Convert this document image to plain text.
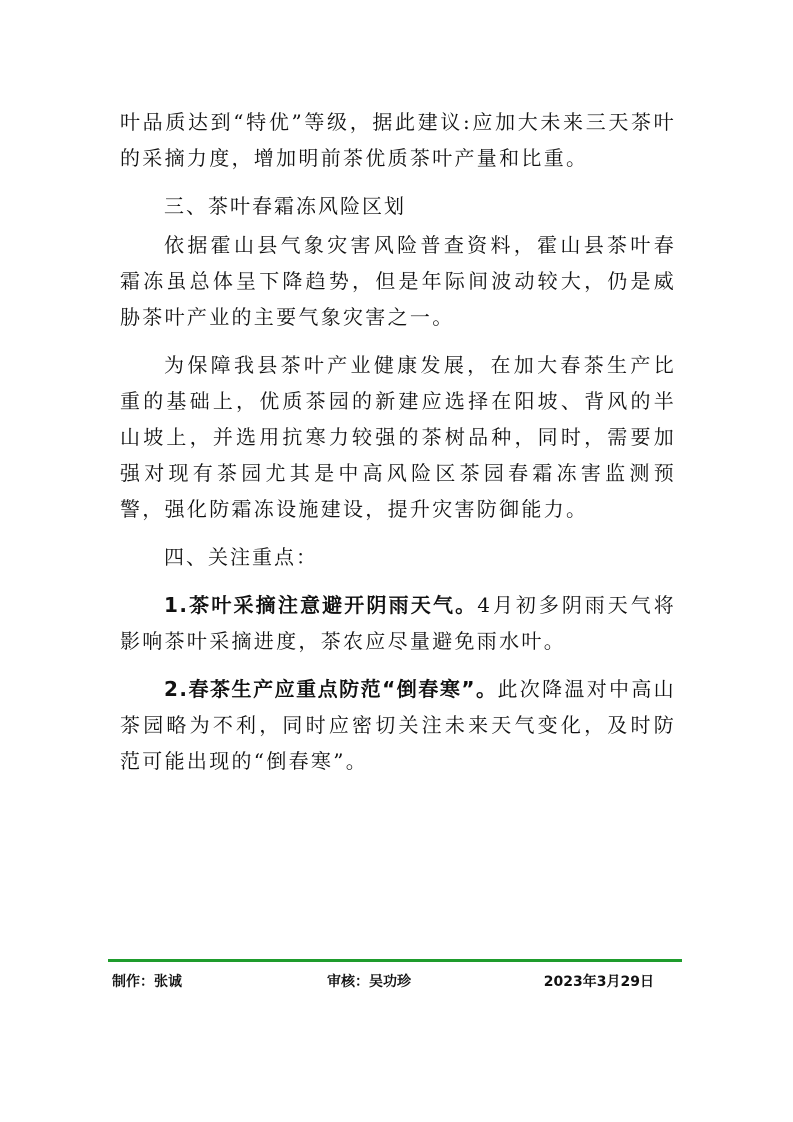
叶品质达到“特优”等级，据此建议:应加大未来三天茶叶的采摘力度，增加明前茶优质茶叶产量和比重。

三、茶叶春霜冻风险区划

依据霍山县气象灾害风险普查资料，霍山县茶叶春霜冻虽总体呈下降趋势，但是年际间波动较大，仍是威胁茶叶产业的主要气象灾害之一。

为保障我县茶叶产业健康发展，在加大春茶生产比重的基础上，优质茶园的新建应选择在阳坡、背风的半山坡上，并选用抗寒力较强的茶树品种，同时，需要加强对现有茶园尤其是中高风险区茶园春霜冻害监测预警，强化防霜冻设施建设，提升灾害防御能力。

四、关注重点：

1.茶叶采摘注意避开阴雨天气。4月初多阴雨天气将影响茶叶采摘进度，茶农应尽量避免雨水叶。

2.春茶生产应重点防范“倒春寒”。此次降温对中高山茶园略为不利，同时应密切关注未来天气变化，及时防范可能出现的“倒春寒”。

制作：张诚	审核：吴功珍	2023年3月29日
